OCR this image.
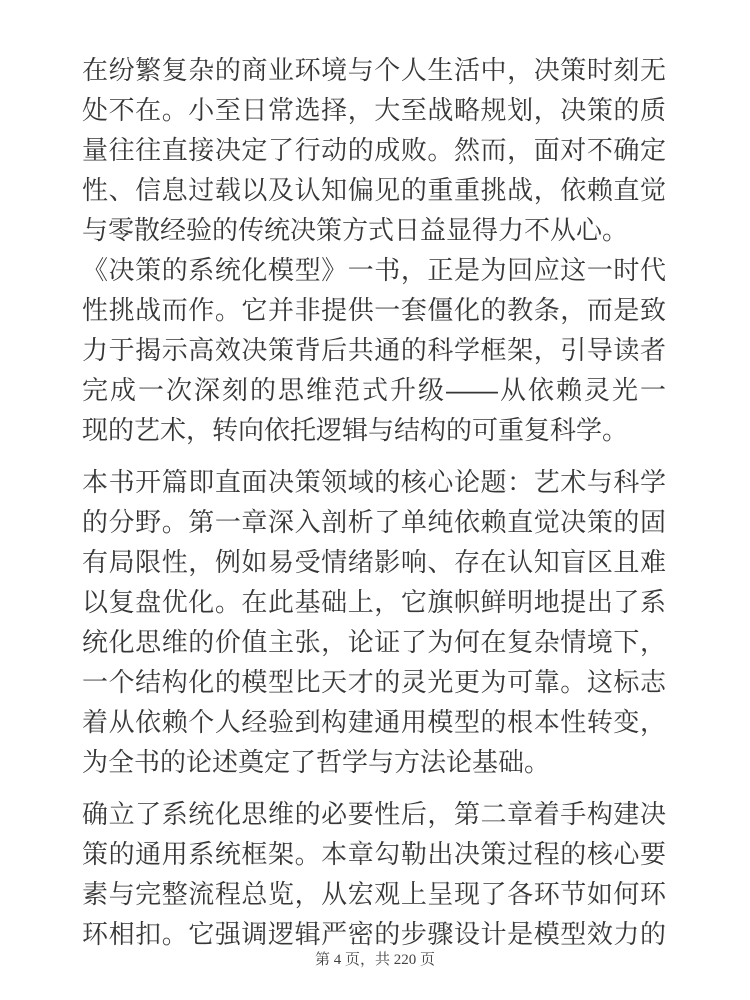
在纷繁复杂的商业环境与个人生活中，决策时刻无
处不在。小至日常选择，大至战略规划，决策的质
量往往直接决定了行动的成败。然而，面对不确定
性、信息过载以及认知偏见的重重挑战，依赖直觉
与零散经验的传统决策方式日益显得力不从心。
《决策的系统化模型》一书，正是为回应这一时代
性挑战而作。它并非提供一套僵化的教条，而是致
力于揭示高效决策背后共通的科学框架，引导读者
完成一次深刻的思维范式升级——从依赖灵光一
现的艺术，转向依托逻辑与结构的可重复科学。
本书开篇即直面决策领域的核心论题：艺术与科学
的分野。第一章深入剖析了单纯依赖直觉决策的固
有局限性，例如易受情绪影响、存在认知盲区且难
以复盘优化。在此基础上，它旗帜鲜明地提出了系
统化思维的价值主张，论证了为何在复杂情境下，
一个结构化的模型比天才的灵光更为可靠。这标志
着从依赖个人经验到构建通用模型的根本性转变，
为全书的论述奠定了哲学与方法论基础。
确立了系统化思维的必要性后，第二章着手构建决
策的通用系统框架。本章勾勒出决策过程的核心要
素与完整流程总览，从宏观上呈现了各环节如何环
环相扣。它强调逻辑严密的步骤设计是模型效力的
第 4 页，共 220 页
